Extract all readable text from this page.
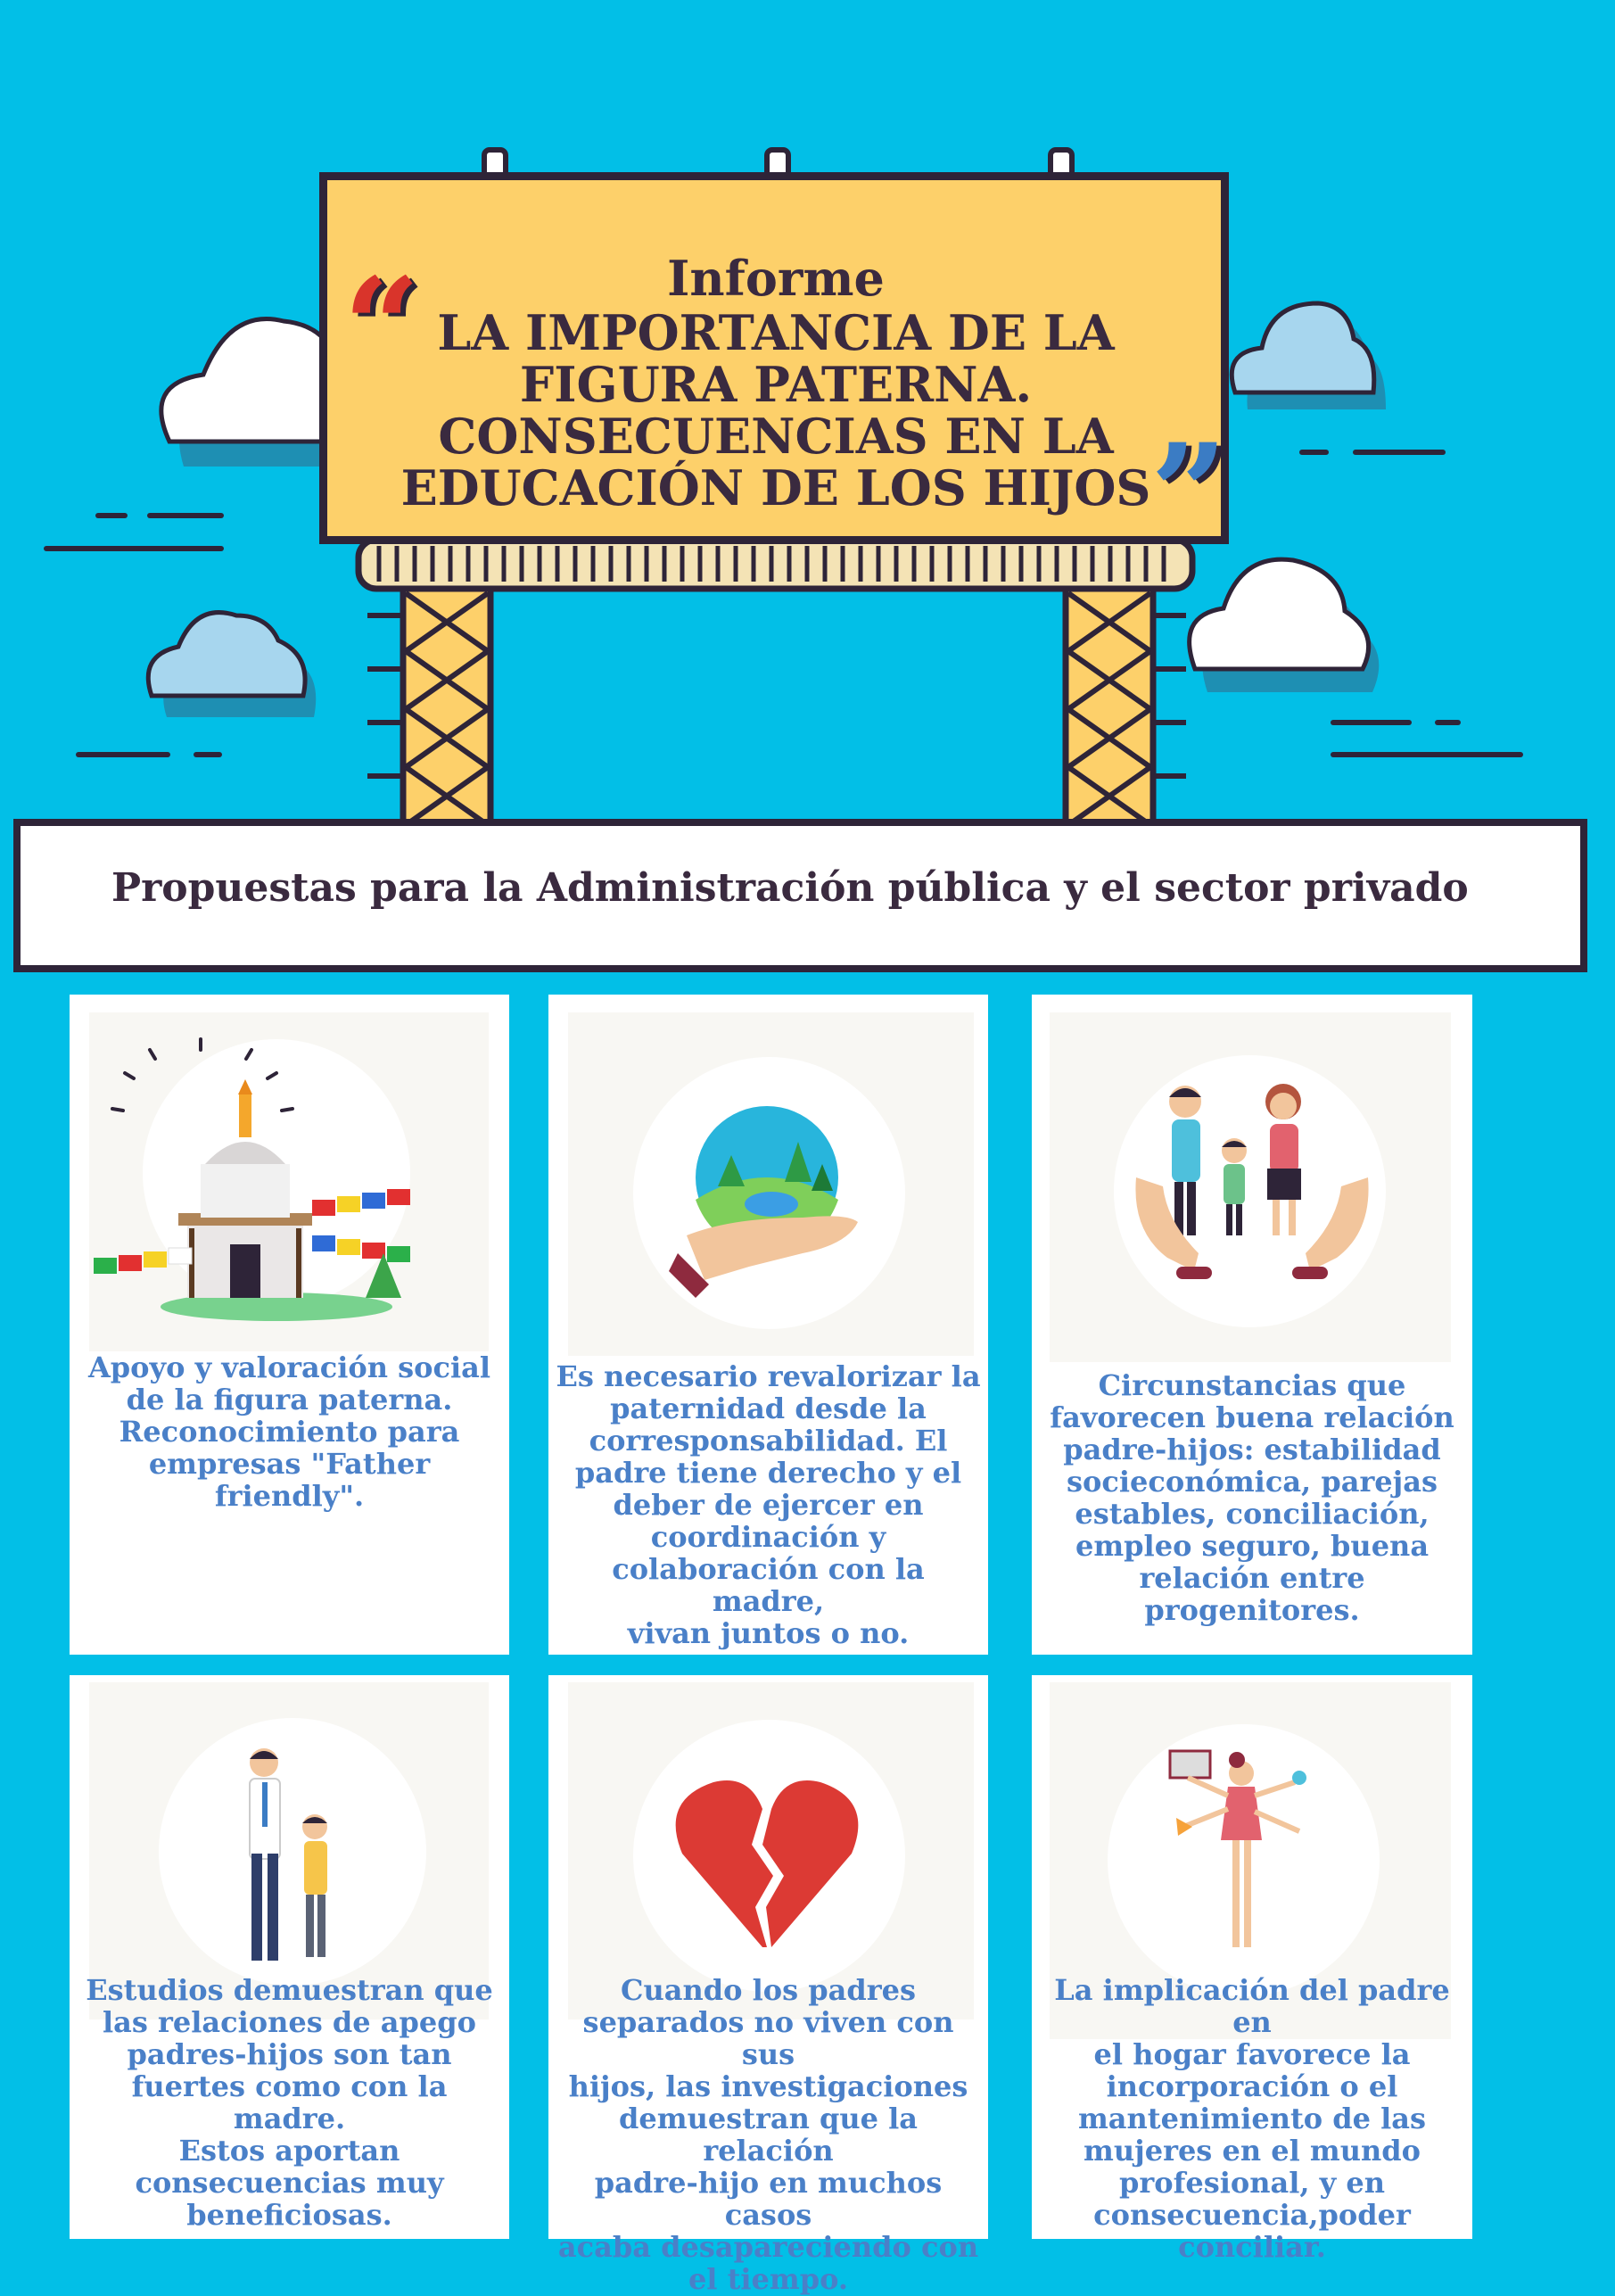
“
”
Informe
LA IMPORTANCIA DE LA
FIGURA PATERNA.
CONSECUENCIAS EN LA
EDUCACIÓN DE LOS HIJOS
Propuestas para la Administración pública y el sector privado
Apoyo y valoración social
de la figura paterna.
Reconocimiento para
empresas "Father
friendly".
Es necesario revalorizar la
paternidad desde la
corresponsabilidad. El
padre tiene derecho y el
deber de ejercer en
coordinación y
colaboración con la madre,
vivan juntos o no.
Circunstancias que
favorecen buena relación
padre-hijos: estabilidad
socieconómica, parejas
estables, conciliación,
empleo seguro, buena
relación entre progenitores.
Estudios demuestran que
las relaciones de apego
padres-hijos son tan
fuertes como con la madre.
Estos aportan
consecuencias muy
beneficiosas.
Cuando los padres
separados no viven con sus
hijos, las investigaciones
demuestran que la relación
padre-hijo en muchos casos
acaba desapareciendo con
el tiempo.
La implicación del padre en
el hogar favorece la
incorporación o el
mantenimiento de las
mujeres en el mundo
profesional, y en
consecuencia,poder
conciliar.
